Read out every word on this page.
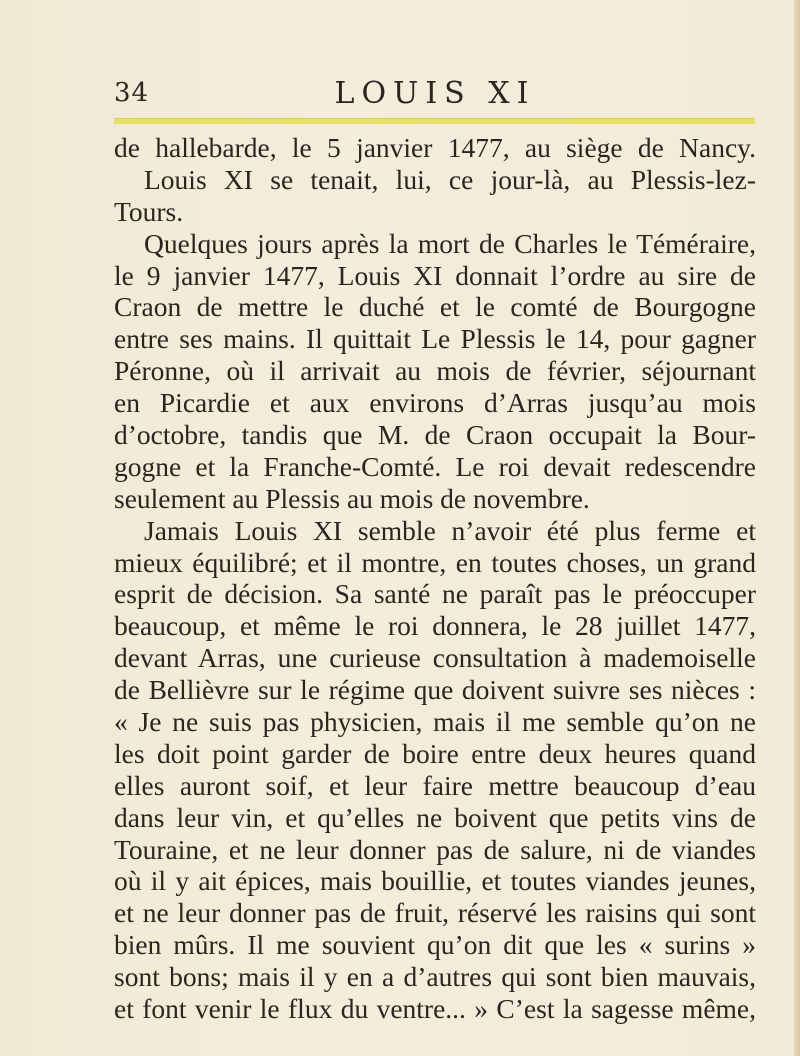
34	LOUIS XI
de hallebarde, le 5 janvier 1477, au siège de Nancy.
Louis XI se tenait, lui, ce jour-là, au Plessis-lez-
Tours.
Quelques jours après la mort de Charles le Téméraire,
le 9 janvier 1477, Louis XI donnait l’ordre au sire de
Craon de mettre le duché et le comté de Bourgogne
entre ses mains. Il quittait Le Plessis le 14, pour gagner
Péronne, où il arrivait au mois de février, séjournant
en Picardie et aux environs d’Arras jusqu’au mois
d’octobre, tandis que M. de Craon occupait la Bour-
gogne et la Franche-Comté. Le roi devait redescendre
seulement au Plessis au mois de novembre.
Jamais Louis XI semble n’avoir été plus ferme et
mieux équilibré; et il montre, en toutes choses, un grand
esprit de décision. Sa santé ne paraît pas le préoccuper
beaucoup, et même le roi donnera, le 28 juillet 1477,
devant Arras, une curieuse consultation à mademoiselle
de Bellièvre sur le régime que doivent suivre ses nièces :
« Je ne suis pas physicien, mais il me semble qu’on ne
les doit point garder de boire entre deux heures quand
elles auront soif, et leur faire mettre beaucoup d’eau
dans leur vin, et qu’elles ne boivent que petits vins de
Touraine, et ne leur donner pas de salure, ni de viandes
où il y ait épices, mais bouillie, et toutes viandes jeunes,
et ne leur donner pas de fruit, réservé les raisins qui sont
bien mûrs. Il me souvient qu’on dit que les « surins »
sont bons; mais il y en a d’autres qui sont bien mauvais,
et font venir le flux du ventre... » C’est la sagesse même,
